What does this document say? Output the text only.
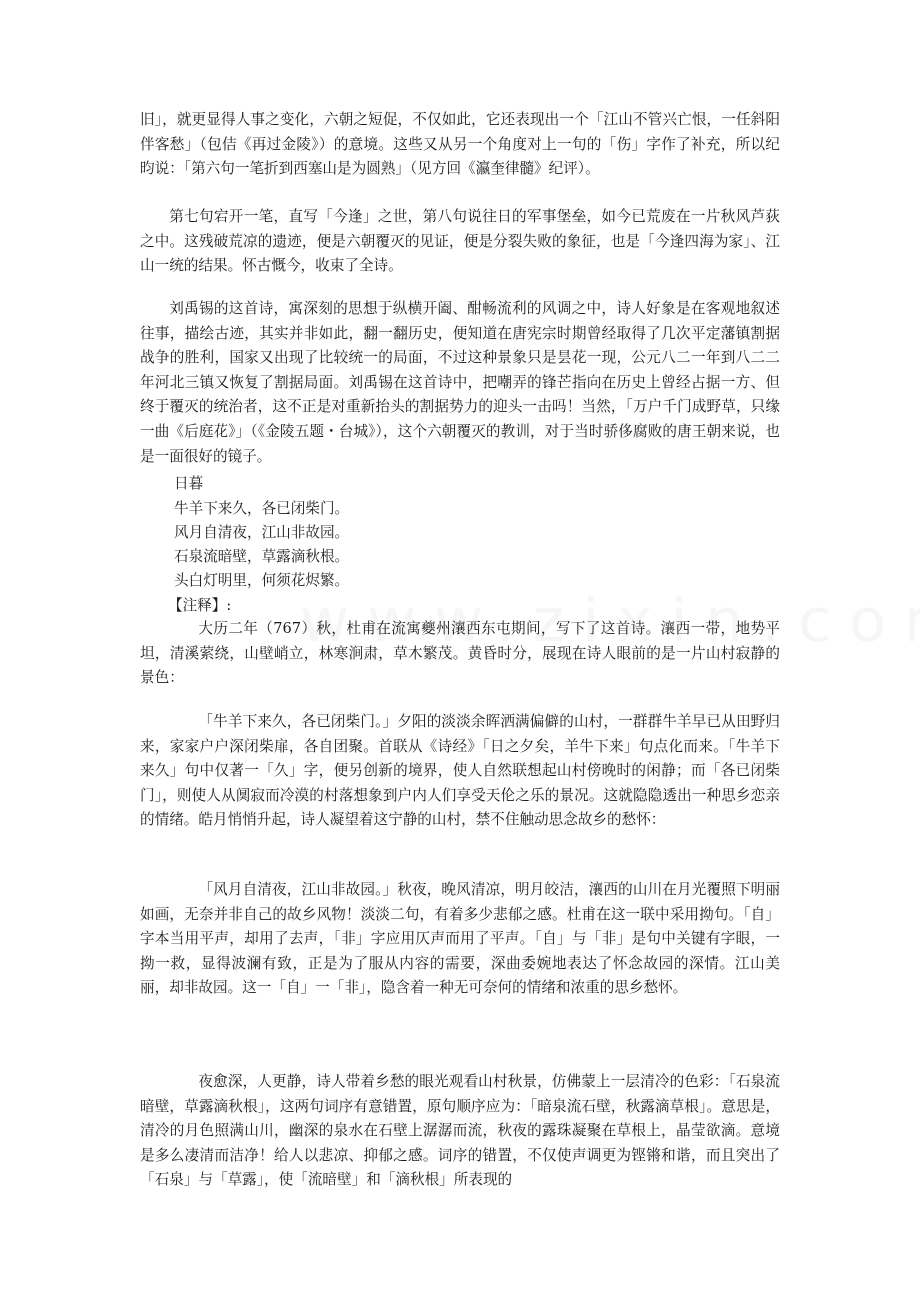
旧」，就更显得人事之变化，六朝之短促，不仅如此，它还表现出一个「江山不管兴亡恨，一任斜阳伴客愁」（包佶《再过金陵》）的意境。这些又从另一个角度对上一句的「伤」字作了补充，所以纪昀说：「第六句一笔折到西塞山是为圆熟」（见方回《瀛奎律髓》纪评）。

第七句宕开一笔，直写「今逢」之世，第八句说往日的军事堡垒，如今已荒废在一片秋风芦荻之中。这残破荒凉的遗迹，便是六朝覆灭的见证，便是分裂失败的象征，也是「今逢四海为家」、江山一统的结果。怀古慨今，收束了全诗。

刘禹锡的这首诗，寓深刻的思想于纵横开阖、酣畅流利的风调之中，诗人好象是在客观地叙述往事，描绘古迹，其实并非如此，翻一翻历史，便知道在唐宪宗时期曾经取得了几次平定藩镇割据战争的胜利，国家又出现了比较统一的局面，不过这种景象只是昙花一现，公元八二一年到八二二年河北三镇又恢复了割据局面。刘禹锡在这首诗中，把嘲弄的锋芒指向在历史上曾经占据一方、但终于覆灭的统治者，这不正是对重新抬头的割据势力的迎头一击吗！当然，「万户千门成野草，只缘一曲《后庭花》」（《金陵五题・台城》），这个六朝覆灭的教训，对于当时骄侈腐败的唐王朝来说，也是一面很好的镜子。

日暮

牛羊下来久，各已闭柴门。

风月自清夜，江山非故园。

石泉流暗壁，草露滴秋根。

头白灯明里，何须花烬繁。

【注释】:

大历二年（767）秋，杜甫在流寓夔州瀼西东屯期间，写下了这首诗。瀼西一带，地势平坦，清溪萦绕，山壁峭立，林寒涧肃，草木繁茂。黄昏时分，展现在诗人眼前的是一片山村寂静的景色：

「牛羊下来久，各已闭柴门。」夕阳的淡淡余晖洒满偏僻的山村，一群群牛羊早已从田野归来，家家户户深闭柴扉，各自团聚。首联从《诗经》「日之夕矣，羊牛下来」句点化而来。「牛羊下来久」句中仅著一「久」字，便另创新的境界，使人自然联想起山村傍晚时的闲静；而「各已闭柴门」，则使人从阒寂而冷漠的村落想象到户内人们享受天伦之乐的景况。这就隐隐透出一种思乡恋亲的情绪。皓月悄悄升起，诗人凝望着这宁静的山村，禁不住触动思念故乡的愁怀：

「风月自清夜，江山非故园。」秋夜，晚风清凉，明月皎洁，瀼西的山川在月光覆照下明丽如画，无奈并非自己的故乡风物！淡淡二句，有着多少悲郁之感。杜甫在这一联中采用拗句。「自」字本当用平声，却用了去声，「非」字应用仄声而用了平声。「自」与「非」是句中关键有字眼，一拗一救，显得波澜有致，正是为了服从内容的需要，深曲委婉地表达了怀念故园的深情。江山美丽，却非故园。这一「自」一「非」，隐含着一种无可奈何的情绪和浓重的思乡愁怀。

夜愈深，人更静，诗人带着乡愁的眼光观看山村秋景，仿佛蒙上一层清冷的色彩：「石泉流暗壁，草露滴秋根」，这两句词序有意错置，原句顺序应为：「暗泉流石壁，秋露滴草根」。意思是，清冷的月色照满山川，幽深的泉水在石壁上潺潺而流，秋夜的露珠凝聚在草根上，晶莹欲滴。意境是多么凄清而洁净！给人以悲凉、抑郁之感。词序的错置，不仅使声调更为铿锵和谐，而且突出了「石泉」与「草露」，使「流暗壁」和「滴秋根」所表现的
